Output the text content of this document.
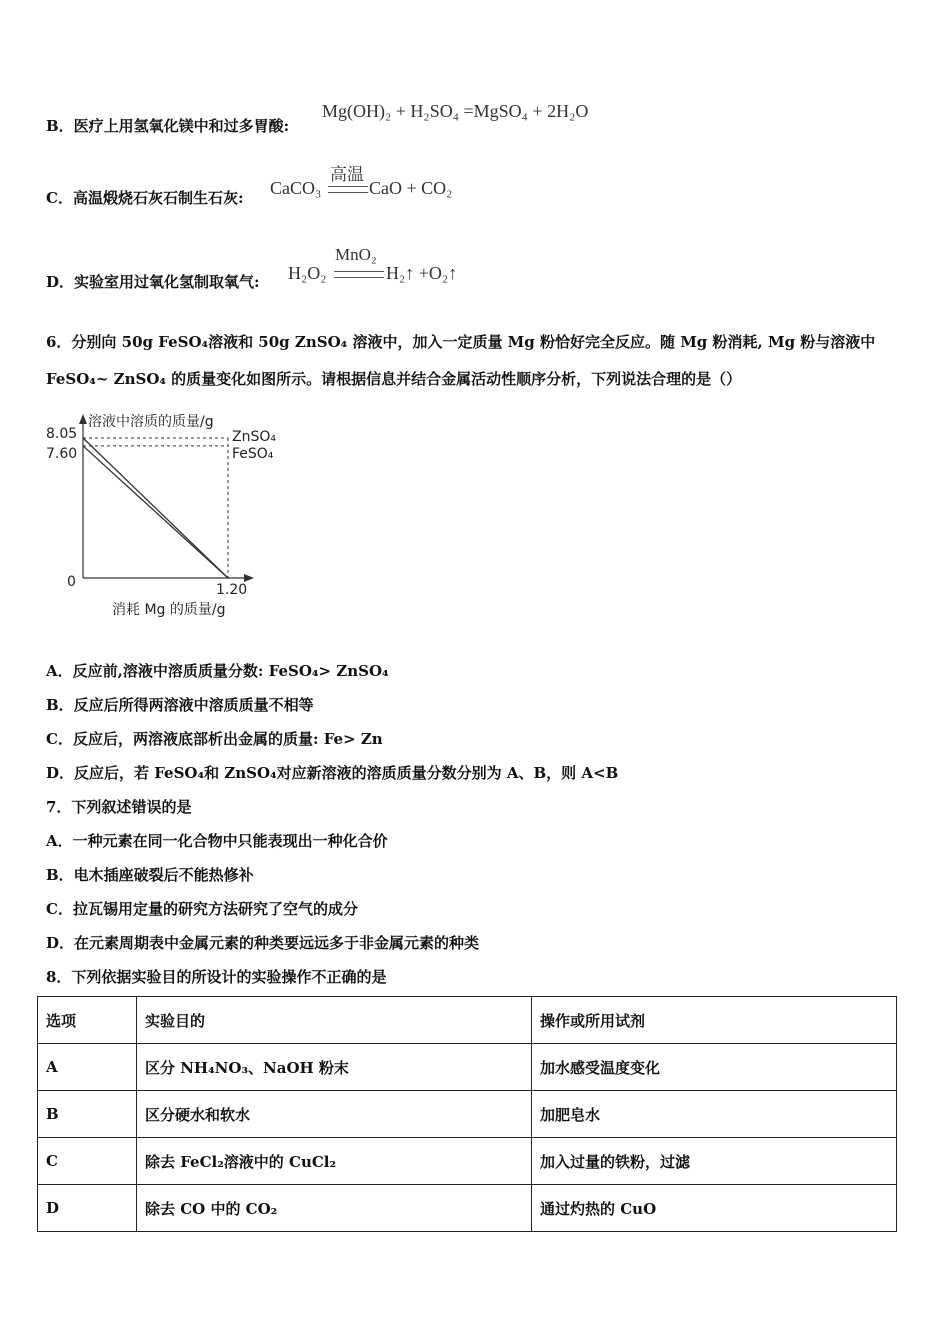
B．医疗上用氢氧化镁中和过多胃酸:
Mg(OH)₂ + H₂SO₄ =MgSO₄ + 2H₂O
C．高温煅烧石灰石制生石灰: CaCO₃
高温
CaO + CO₂
D．实验室用过氧化氢制取氧气: H₂O₂
MnO₂
H₂↑ +O₂↑
6．分别向 50g FeSO₄溶液和 50g ZnSO₄ 溶液中，加入一定质量 Mg 粉恰好完全反应。随 Mg 粉消耗, Mg 粉与溶液中
FeSO₄~ ZnSO₄ 的质量变化如图所示。请根据信息并结合金属活动性顺序分析，下列说法合理的是（）
ZnSO₄
FeSO₄
8.05
7.60
1.20
0
溶液中溶质的质量/g
消耗 Mg 的质量/g
A．反应前,溶液中溶质质量分数: FeSO₄> ZnSO₄
B．反应后所得两溶液中溶质质量不相等
C．反应后，两溶液底部析出金属的质量: Fe> Zn
D．反应后，若 FeSO₄和 ZnSO₄对应新溶液的溶质质量分数分别为 A、B，则 A<B
7．下列叙述错误的是
A．一种元素在同一化合物中只能表现出一种化合价
B．电木插座破裂后不能热修补
C．拉瓦锡用定量的研究方法研究了空气的成分
D．在元素周期表中金属元素的种类要远远多于非金属元素的种类
8．下列依据实验目的所设计的实验操作不正确的是
选项	实验目的	操作或所用试剂
A	区分 NH₄NO₃、NaOH 粉末	加水感受温度变化
B	区分硬水和软水	加肥皂水
C	除去 FeCl₂溶液中的 CuCl₂	加入过量的铁粉，过滤
D	除去 CO 中的 CO₂	通过灼热的 CuO
